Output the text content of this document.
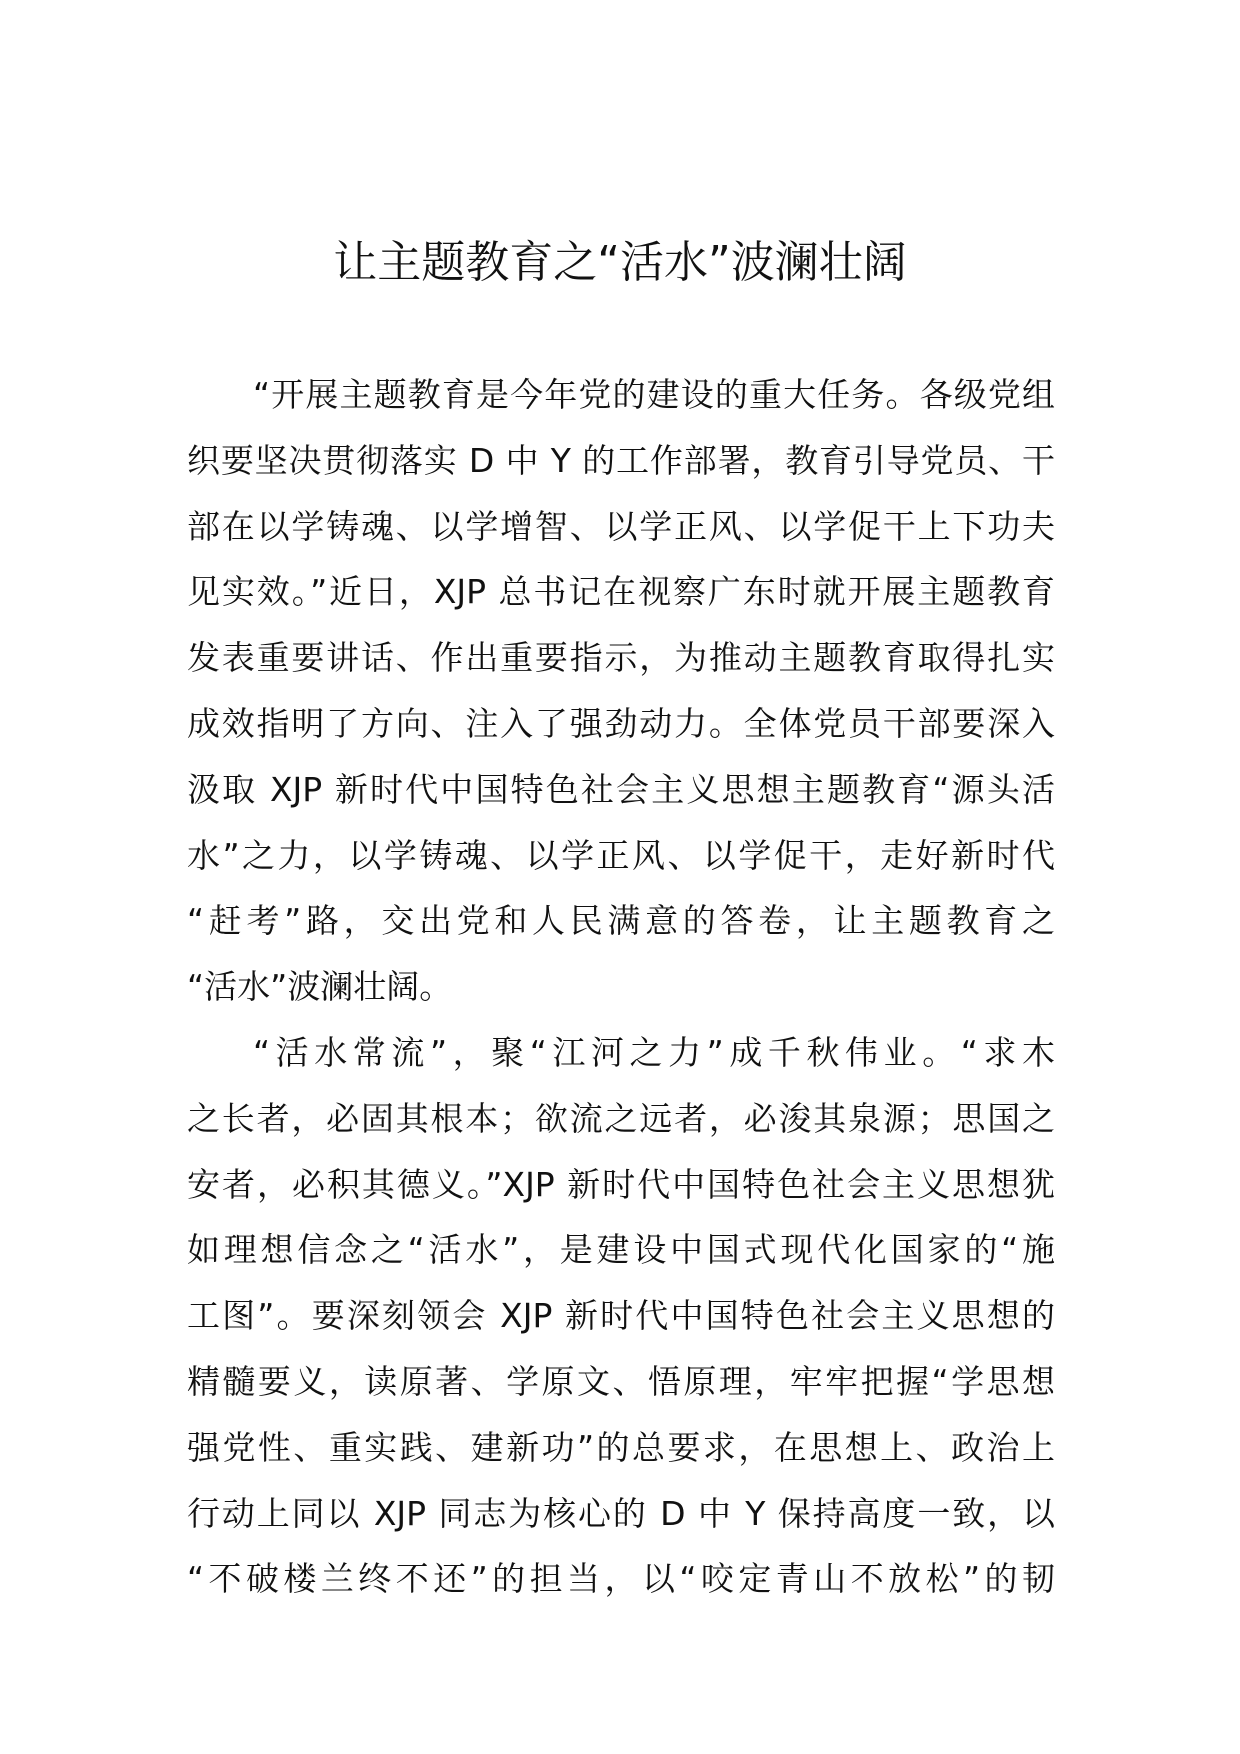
让主题教育之“活水”波澜壮阔
“开展主题教育是今年党的建设的重大任务。各级党组
织要坚决贯彻落实 D 中 Y 的工作部署，教育引导党员、干
部在以学铸魂、以学增智、以学正风、以学促干上下功夫
见实效。”近日，XJP 总书记在视察广东时就开展主题教育
发表重要讲话、作出重要指示，为推动主题教育取得扎实
成效指明了方向、注入了强劲动力。全体党员干部要深入
汲取 XJP 新时代中国特色社会主义思想主题教育“源头活
水”之力，以学铸魂、以学正风、以学促干，走好新时代
“赶考”路，交出党和人民满意的答卷，让主题教育之
“活水”波澜壮阔。
“活水常流”，聚“江河之力”成千秋伟业。“求木
之长者，必固其根本；欲流之远者，必浚其泉源；思国之
安者，必积其德义。”XJP 新时代中国特色社会主义思想犹
如理想信念之“活水”，是建设中国式现代化国家的“施
工图”。要深刻领会 XJP 新时代中国特色社会主义思想的
精髓要义，读原著、学原文、悟原理，牢牢把握“学思想
强党性、重实践、建新功”的总要求，在思想上、政治上
行动上同以 XJP 同志为核心的 D 中 Y 保持高度一致，以
“不破楼兰终不还”的担当，以“咬定青山不放松”的韧
